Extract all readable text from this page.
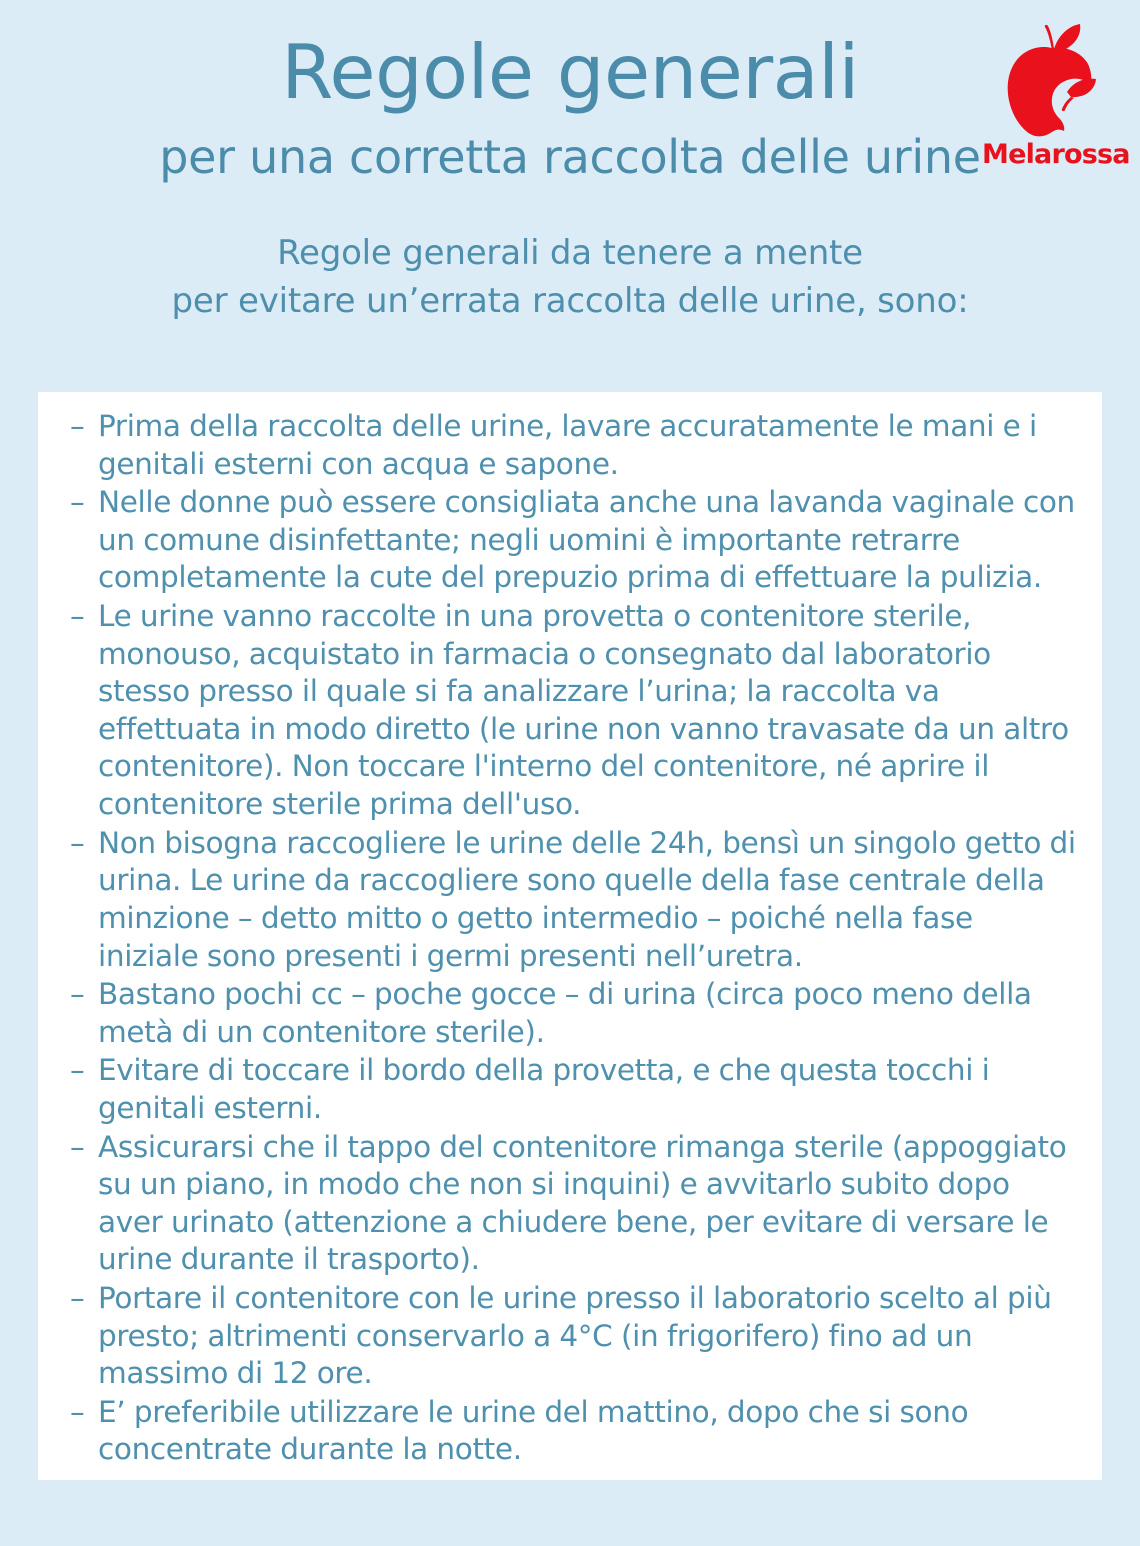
Regole generali
per una corretta raccolta delle urine

Regole generali da tenere a mente
per evitare un’errata raccolta delle urine, sono:

Melarossa
– Prima della raccolta delle urine, lavare accuratamente le mani e i genitali esterni con acqua e sapone.
– Nelle donne può essere consigliata anche una lavanda vaginale con un comune disinfettante; negli uomini è importante retrarre completamente la cute del prepuzio prima di effettuare la pulizia.
– Le urine vanno raccolte in una provetta o contenitore sterile, monouso, acquistato in farmacia o consegnato dal laboratorio stesso presso il quale si fa analizzare l’urina; la raccolta va effettuata in modo diretto (le urine non vanno travasate da un altro contenitore). Non toccare l'interno del contenitore, né aprire il contenitore sterile prima dell'uso.
– Non bisogna raccogliere le urine delle 24h, bensì un singolo getto di urina. Le urine da raccogliere sono quelle della fase centrale della minzione – detto mitto o getto intermedio – poiché nella fase iniziale sono presenti i germi presenti nell’uretra.
– Bastano pochi cc – poche gocce – di urina (circa poco meno della metà di un contenitore sterile).
– Evitare di toccare il bordo della provetta, e che questa tocchi i genitali esterni.
– Assicurarsi che il tappo del contenitore rimanga sterile (appoggiato su un piano, in modo che non si inquini) e avvitarlo subito dopo aver urinato (attenzione a chiudere bene, per evitare di versare le urine durante il trasporto).
– Portare il contenitore con le urine presso il laboratorio scelto al più presto; altrimenti conservarlo a 4°C (in frigorifero) fino ad un massimo di 12 ore.
– E’ preferibile utilizzare le urine del mattino, dopo che si sono concentrate durante la notte.
